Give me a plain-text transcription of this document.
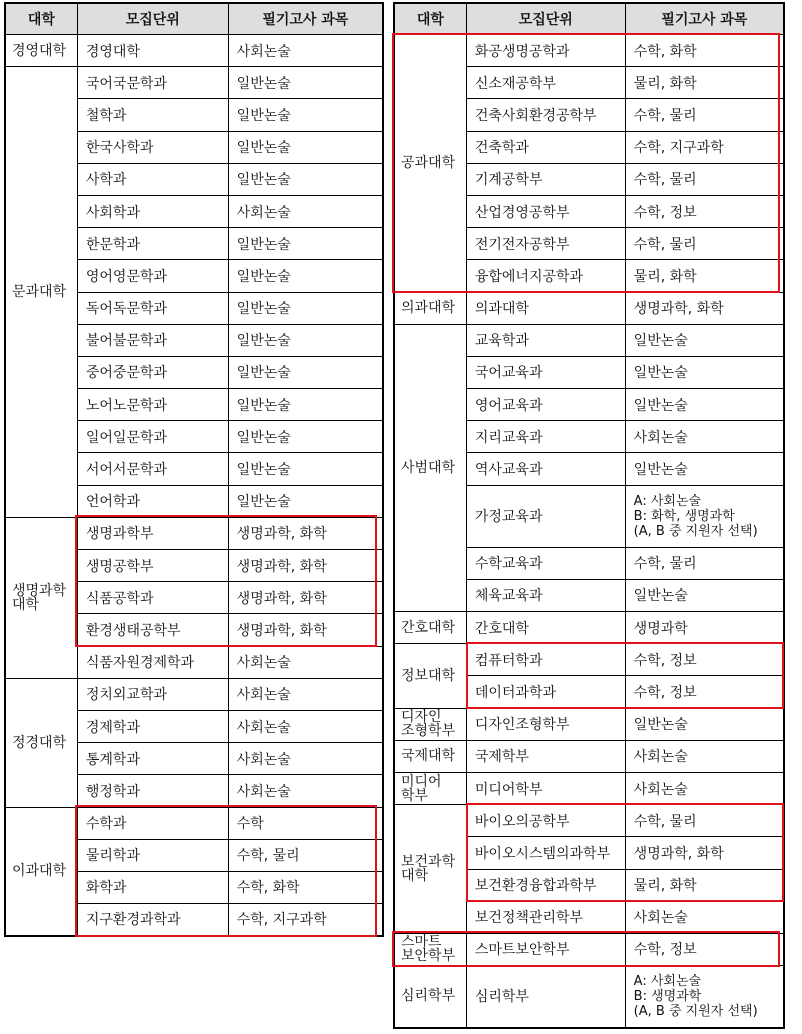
대학	모집단위	필기고사 과목
경영대학	경영대학	사회논술
문과대학	국어국문학과	일반논술
	철학과	일반논술
	한국사학과	일반논술
	사학과	일반논술
	사회학과	사회논술
	한문학과	일반논술
	영어영문학과	일반논술
	독어독문학과	일반논술
	불어불문학과	일반논술
	중어중문학과	일반논술
	노어노문학과	일반논술
	일어일문학과	일반논술
	서어서문학과	일반논술
	언어학과	일반논술
생명과학 대학	생명과학부	생명과학, 화학
	생명공학부	생명과학, 화학
	식품공학과	생명과학, 화학
	환경생태공학부	생명과학, 화학
	식품자원경제학과	사회논술
정경대학	정치외교학과	사회논술
	경제학과	사회논술
	통계학과	사회논술
	행정학과	사회논술
이과대학	수학과	수학
	물리학과	수학, 물리
	화학과	수학, 화학
	지구환경과학과	수학, 지구과학
대학	모집단위	필기고사 과목
공과대학	화공생명공학과	수학, 화학
	신소재공학부	물리, 화학
	건축사회환경공학부	수학, 물리
	건축학과	수학, 지구과학
	기계공학부	수학, 물리
	산업경영공학부	수학, 정보
	전기전자공학부	수학, 물리
	융합에너지공학과	물리, 화학
의과대학	의과대학	생명과학, 화학
사범대학	교육학과	일반논술
	국어교육과	일반논술
	영어교육과	일반논술
	지리교육과	사회논술
	역사교육과	일반논술
	가정교육과	A: 사회논술
B: 화학, 생명과학
(A, B 중 지원자 선택)
	수학교육과	수학, 물리
	체육교육과	일반논술
간호대학	간호대학	생명과학
정보대학	컴퓨터학과	수학, 정보
	데이터과학과	수학, 정보
디자인 조형학부	디자인조형학부	일반논술
국제대학	국제학부	사회논술
미디어 학부	미디어학부	사회논술
보건과학 대학	바이오의공학부	수학, 물리
	바이오시스템의과학부	생명과학, 화학
	보건환경융합과학부	물리, 화학
	보건정책관리학부	사회논술
스마트 보안학부	스마트보안학부	수학, 정보
심리학부	심리학부	A: 사회논술
B: 생명과학
(A, B 중 지원자 선택)
